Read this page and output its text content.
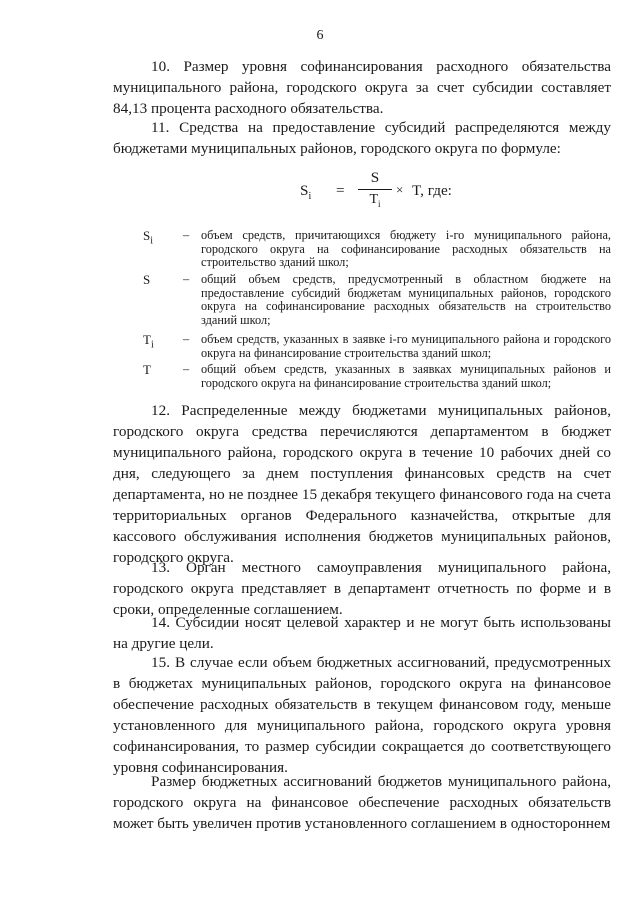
6

10. Размер уровня софинансирования расходного обязательства муниципального района, городского округа за счет субсидии составляет 84,13 процента расходного обязательства.

11. Средства на предоставление субсидий распределяются между бюджетами муниципальных районов, городского округа по формуле:

$S_i$ =
S
$T_i$
× T, где:
$S_i$ – объем средств, причитающихся бюджету i-го муниципального района, городского округа на софинансирование расходных обязательств на строительство зданий школ;
S	– общий объем средств, предусмотренный в областном бюджете на предоставление субсидий бюджетам муниципальных районов, городского округа на софинансирование расходных обязательств на строительство зданий школ;
$T_i$ – объем средств, указанных в заявке i-го муниципального района и городского округа на финансирование строительства зданий школ;
T	– общий объем средств, указанных в заявках муниципальных районов и городского округа на финансирование строительства зданий школ;

12. Распределенные между бюджетами муниципальных районов, городского округа средства перечисляются департаментом в бюджет муниципального района, городского округа в течение 10 рабочих дней со дня, следующего за днем поступления финансовых средств на счет департамента, но не позднее 15 декабря текущего финансового года на счета территориальных органов Федерального казначейства, открытые для кассового обслуживания исполнения бюджетов муниципальных районов, городского округа.

13. Орган местного самоуправления муниципального района, городского округа представляет в департамент отчетность по форме и в сроки, определенные соглашением.

14. Субсидии носят целевой характер и не могут быть использованы на другие цели.

15. В случае если объем бюджетных ассигнований, предусмотренных в бюджетах муниципальных районов, городского округа на финансовое обеспечение расходных обязательств в текущем финансовом году, меньше установленного для муниципального района, городского округа уровня софинансирования, то размер субсидии сокращается до соответствующего уровня софинансирования.

Размер бюджетных ассигнований бюджетов муниципального района, городского округа на финансовое обеспечение расходных обязательств может быть увеличен против установленного соглашением в одностороннем
